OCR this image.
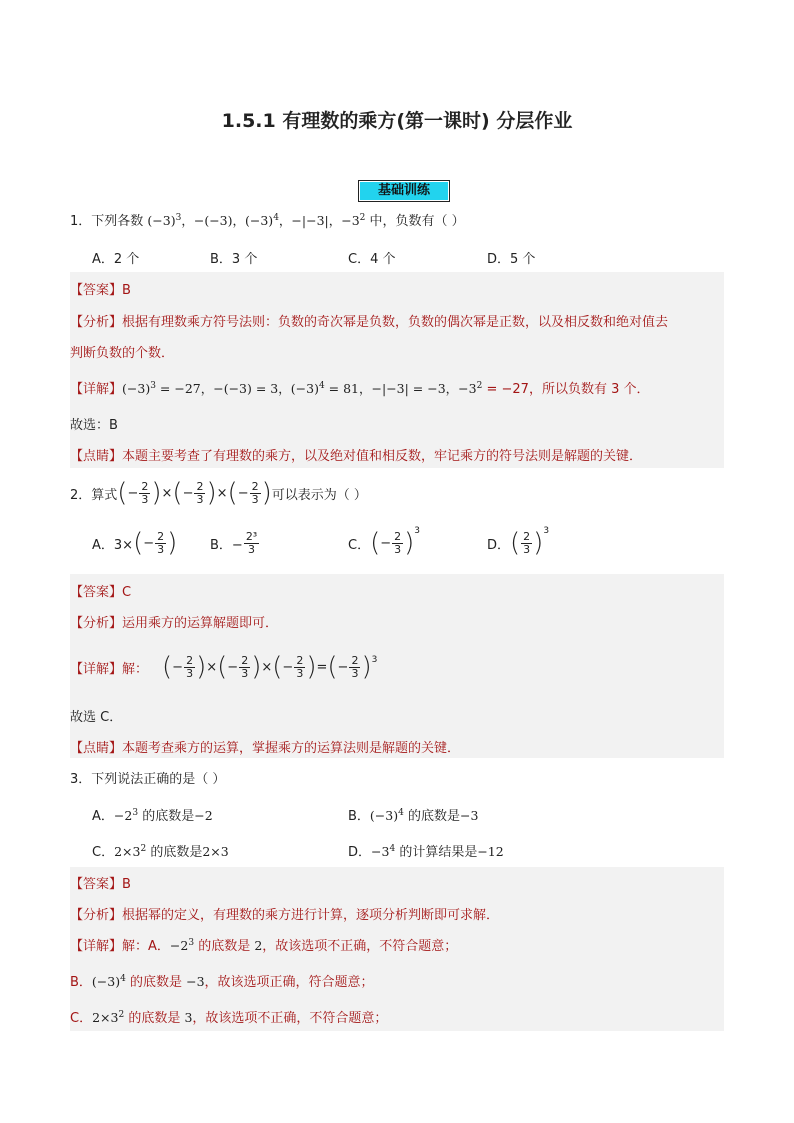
1.5.1 有理数的乘方(第一课时) 分层作业
基础训练
1．下列各数 $(-3)^3$，−(−3)，$(-3)^4$，−|−3|，$-3^2$ 中，负数有（ ）
A．2 个	B．3 个	C．4 个	D．5 个
【答案】B
【分析】根据有理数乘方符号法则：负数的奇次幂是负数，负数的偶次幂是正数，以及相反数和绝对值去
判断负数的个数．
【详解】$(-3)^3 = -27$，−(−3) = 3，$(-3)^4 = 81$，−|−3| = −3，$-3^2 = -27$，所以负数有 3 个．
故选：B
【点睛】本题主要考查了有理数的乘方，以及绝对值和相反数，牢记乘方的符号法则是解题的关键．
2．算式 ( − $\frac{2}{3}$ ) × ( − $\frac{2}{3}$ ) × ( − $\frac{2}{3}$ ) 可以表示为（ ）
A．3× ( − $\frac{2}{3}$ )	B．− $\frac{\text{2³}}{3}$	C． ( − $\frac{2}{3} )^3$
D． ( $\frac{2}{3} )^3$
【答案】C
【分析】运用乘方的运算解题即可．
【详解】解： ( − $\frac{2}{3}$ ) × ( − $\frac{2}{3}$ ) × ( − $\frac{2}{3}$ ) = ( − $\frac{2}{3} )^3$
故选 C．
【点睛】本题考查乘方的运算，掌握乘方的运算法则是解题的关键．
3．下列说法正确的是（ ）
A．$-2^3$ 的底数是−2	B．$(-3)^4$ 的底数是−3
C．$2\times 3^2$ 的底数是2×3	D．$-3^4$ 的计算结果是−12
【答案】B
【分析】根据幂的定义，有理数的乘方进行计算，逐项分析判断即可求解．
【详解】解：A．$-2^3$ 的底数是 2，故该选项不正确，不符合题意；
B．$(-3)^4$ 的底数是 −3，故该选项正确，符合题意；
C．$2\times 3^2$ 的底数是 3，故该选项不正确，不符合题意；
